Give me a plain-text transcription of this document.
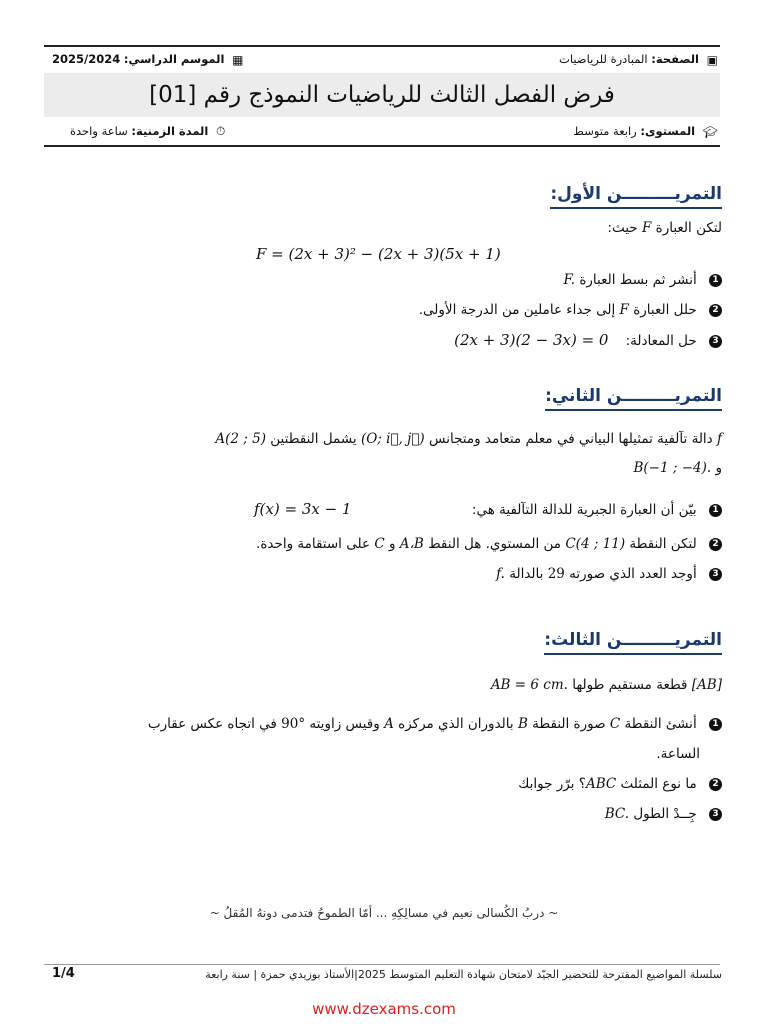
▣ الصفحة: المبادرة للرياضيات
▦ الموسم الدراسي: 2025/2024
فرض الفصل الثالث للرياضيات النموذج رقم [01]
🎓︎ المستوى: رابعة متوسط
⏱︎ المدة الزمنية: ساعة واحدة
التمريـــــــــن الأول:
لتكن العبارة F حيث:
F = (2x + 3)² − (2x + 3)(5x + 1)
1 أنشر ثم بسط العبارة F.
2 حلل العبارة F إلى جداء عاملين من الدرجة الأولى.
3 حل المعادلة:    (2x + 3)(2 − 3x) = 0
التمريـــــــــن الثاني:
f دالة تآلفية تمثيلها البياني في معلم متعامد ومتجانس (O; i⃗, j⃗) يشمل النقطتين A(2 ; 5)
و B(−1 ; −4).
1 بيّن أن العبارة الجبرية للدالة التآلفية هي:
f(x) = 3x − 1
2 لتكن النقطة C(4 ; 11) من المستوي. هل النقط A،B و C على استقامة واحدة.
3 أوجد العدد الذي صورته 29 بالدالة f.
التمريـــــــــن الثالث:
[AB] قطعة مستقيم طولها AB = 6 cm.
1 أنشئ النقطة C صورة النقطة B بالدوران الذي مركزه A وقيس زاويته 90° في اتجاه عكس عقارب
الساعة.
2 ما نوع المثلث ABC؟ برّر جوابك
3 جِــدْ الطول BC.
~ دربُ الكُسالى نعيم في مسالِكِهِ ... أمّا الطموحُ فتدمى دونهُ المُقلُ ~
سلسلة المواضيع المقترحة للتحضير الجيّد لامتحان شهادة التعليم المتوسط 2025|الأستاذ بوزيدي حمزة | سنة رابعة
1/4
www.dzexams.com
